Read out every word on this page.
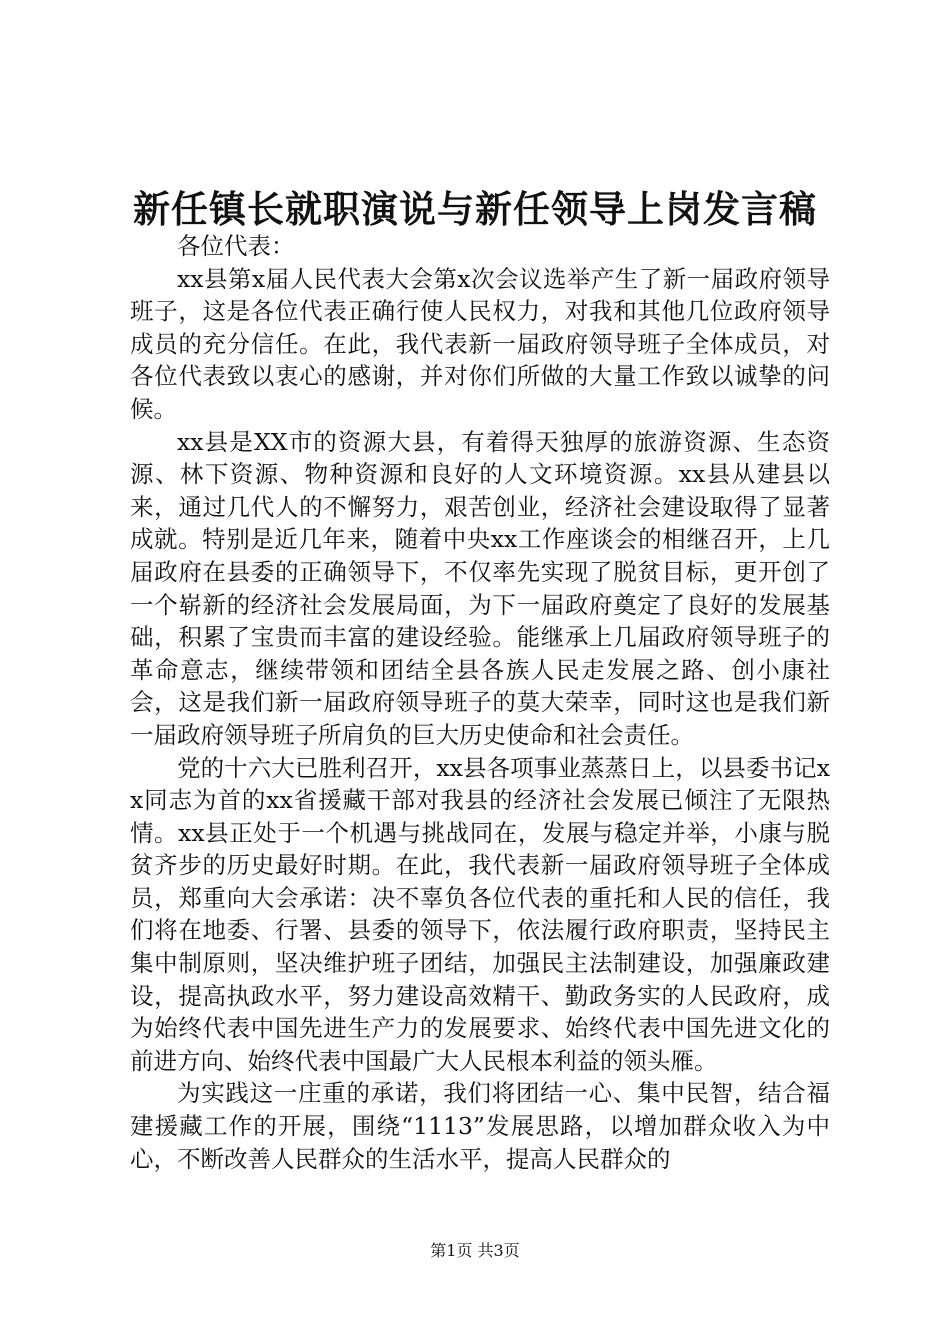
新任镇长就职演说与新任领导上岗发言稿

各位代表：

xx县第x届人民代表大会第x次会议选举产生了新一届政府领导班子，这是各位代表正确行使人民权力，对我和其他几位政府领导成员的充分信任。在此，我代表新一届政府领导班子全体成员，对各位代表致以衷心的感谢，并对你们所做的大量工作致以诚挚的问候。

xx县是XX市的资源大县，有着得天独厚的旅游资源、生态资源、林下资源、物种资源和良好的人文环境资源。xx县从建县以来，通过几代人的不懈努力，艰苦创业，经济社会建设取得了显著成就。特别是近几年来，随着中央xx工作座谈会的相继召开，上几届政府在县委的正确领导下，不仅率先实现了脱贫目标，更开创了一个崭新的经济社会发展局面，为下一届政府奠定了良好的发展基础，积累了宝贵而丰富的建设经验。能继承上几届政府领导班子的革命意志，继续带领和团结全县各族人民走发展之路、创小康社会，这是我们新一届政府领导班子的莫大荣幸，同时这也是我们新一届政府领导班子所肩负的巨大历史使命和社会责任。

党的十六大已胜利召开，xx县各项事业蒸蒸日上，以县委书记xx同志为首的xx省援藏干部对我县的经济社会发展已倾注了无限热情。xx县正处于一个机遇与挑战同在，发展与稳定并举，小康与脱贫齐步的历史最好时期。在此，我代表新一届政府领导班子全体成员，郑重向大会承诺：决不辜负各位代表的重托和人民的信任，我们将在地委、行署、县委的领导下，依法履行政府职责，坚持民主集中制原则，坚决维护班子团结，加强民主法制建设，加强廉政建设，提高执政水平，努力建设高效精干、勤政务实的人民政府，成为始终代表中国先进生产力的发展要求、始终代表中国先进文化的前进方向、始终代表中国最广大人民根本利益的领头雁。

为实践这一庄重的承诺，我们将团结一心、集中民智，结合福建援藏工作的开展，围绕“1113”发展思路，以增加群众收入为中心，不断改善人民群众的生活水平，提高人民群众的

第1页 共3页
